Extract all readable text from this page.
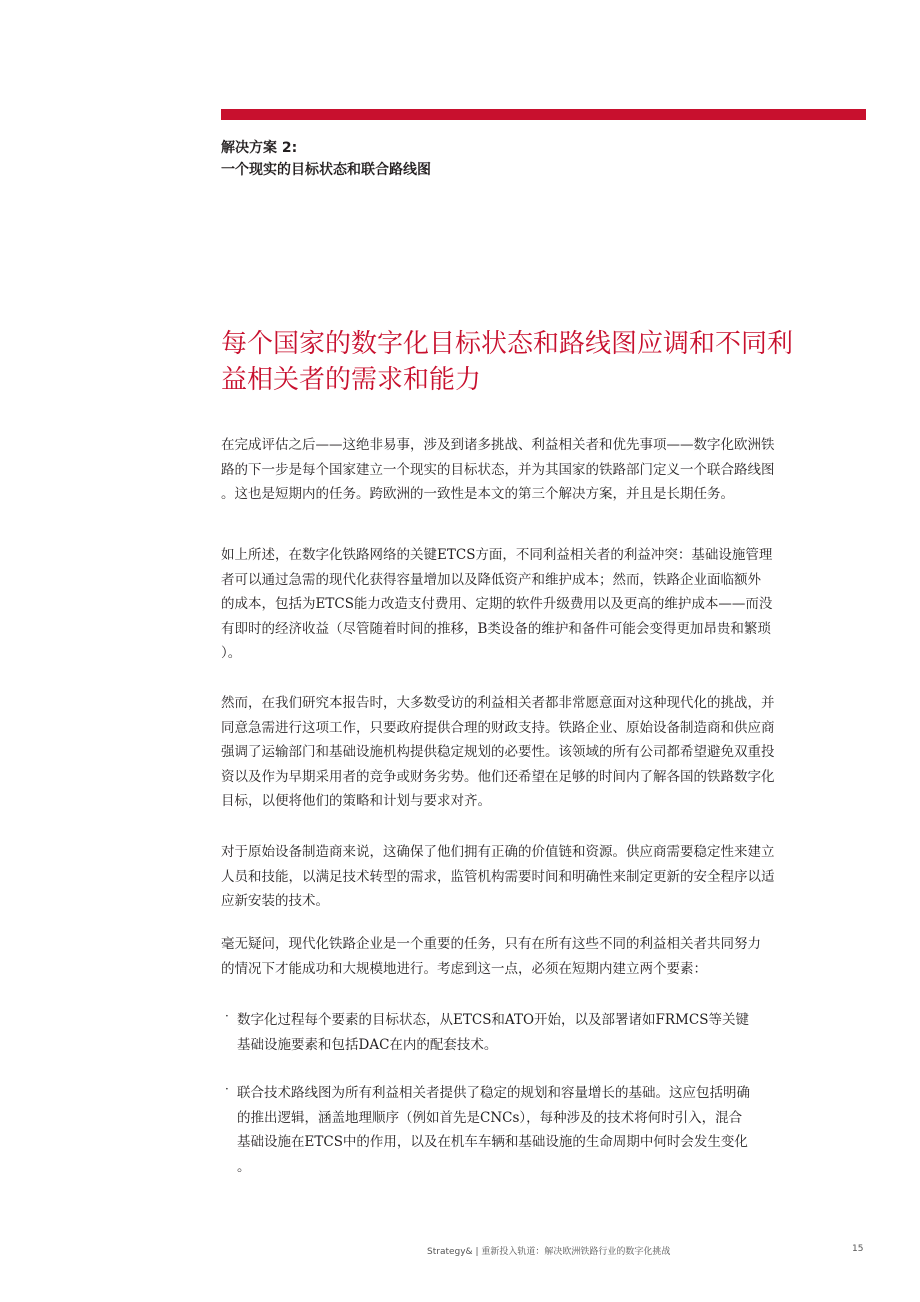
解决方案 2:
一个现实的目标状态和联合路线图
每个国家的数字化目标状态和路线图应调和不同利
益相关者的需求和能力
在完成评估之后——这绝非易事，涉及到诸多挑战、利益相关者和优先事项——数字化欧洲铁
路的下一步是每个国家建立一个现实的目标状态，并为其国家的铁路部门定义一个联合路线图
。这也是短期内的任务。跨欧洲的一致性是本文的第三个解决方案，并且是长期任务。
如上所述，在数字化铁路网络的关键ETCS方面，不同利益相关者的利益冲突：基础设施管理
者可以通过急需的现代化获得容量增加以及降低资产和维护成本；然而，铁路企业面临额外
的成本，包括为ETCS能力改造支付费用、定期的软件升级费用以及更高的维护成本——而没
有即时的经济收益（尽管随着时间的推移，B类设备的维护和备件可能会变得更加昂贵和繁琐
）。
然而，在我们研究本报告时，大多数受访的利益相关者都非常愿意面对这种现代化的挑战，并
同意急需进行这项工作，只要政府提供合理的财政支持。铁路企业、原始设备制造商和供应商
强调了运输部门和基础设施机构提供稳定规划的必要性。该领域的所有公司都希望避免双重投
资以及作为早期采用者的竞争或财务劣势。他们还希望在足够的时间内了解各国的铁路数字化
目标，以便将他们的策略和计划与要求对齐。
对于原始设备制造商来说，这确保了他们拥有正确的价值链和资源。供应商需要稳定性来建立
人员和技能，以满足技术转型的需求，监管机构需要时间和明确性来制定更新的安全程序以适
应新安装的技术。
毫无疑问，现代化铁路企业是一个重要的任务，只有在所有这些不同的利益相关者共同努力
的情况下才能成功和大规模地进行。考虑到这一点，必须在短期内建立两个要素：
· 数字化过程每个要素的目标状态，从ETCS和ATO开始，以及部署诸如FRMCS等关键
基础设施要素和包括DAC在内的配套技术。
· 联合技术路线图为所有利益相关者提供了稳定的规划和容量增长的基础。这应包括明确
的推出逻辑，涵盖地理顺序（例如首先是CNCs），每种涉及的技术将何时引入，混合
基础设施在ETCS中的作用，以及在机车车辆和基础设施的生命周期中何时会发生变化
。
Strategy& | 重新投入轨道：解决欧洲铁路行业的数字化挑战	15
